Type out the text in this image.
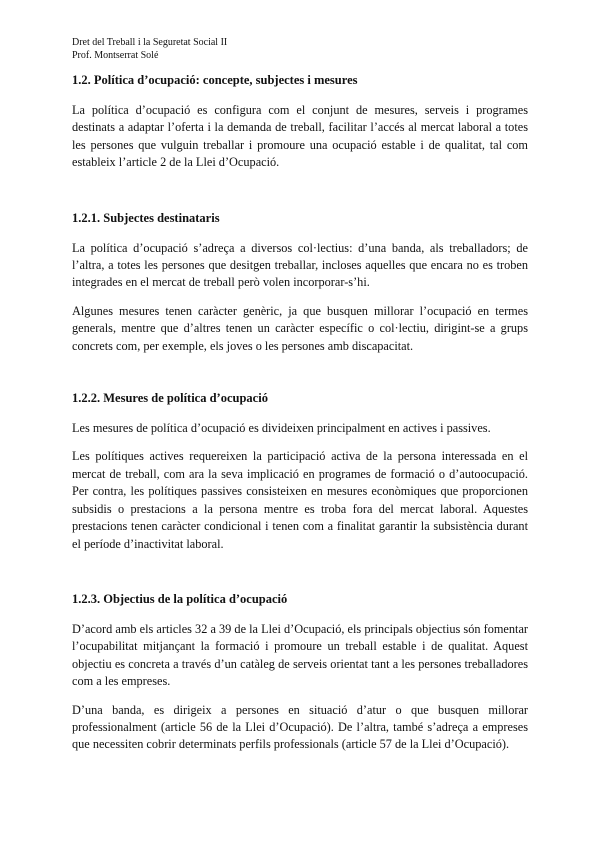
Dret del Treball i la Seguretat Social II

Prof. Montserrat Solé

1.2. Política d’ocupació: concepte, subjectes i mesures

La política d’ocupació es configura com el conjunt de mesures, serveis i programes destinats a adaptar l’oferta i la demanda de treball, facilitar l’accés al mercat laboral a totes les persones que vulguin treballar i promoure una ocupació estable i de qualitat, tal com estableix l’article 2 de la Llei d’Ocupació.

1.2.1. Subjectes destinataris

La política d’ocupació s’adreça a diversos col·lectius: d’una banda, als treballadors; de l’altra, a totes les persones que desitgen treballar, incloses aquelles que encara no es troben integrades en el mercat de treball però volen incorporar-s’hi.

Algunes mesures tenen caràcter genèric, ja que busquen millorar l’ocupació en termes generals, mentre que d’altres tenen un caràcter específic o col·lectiu, dirigint-se a grups concrets com, per exemple, els joves o les persones amb discapacitat.

1.2.2. Mesures de política d’ocupació

Les mesures de política d’ocupació es divideixen principalment en actives i passives.

Les polítiques actives requereixen la participació activa de la persona interessada en el mercat de treball, com ara la seva implicació en programes de formació o d’autoocupació. Per contra, les polítiques passives consisteixen en mesures econòmiques que proporcionen subsidis o prestacions a la persona mentre es troba fora del mercat laboral. Aquestes prestacions tenen caràcter condicional i tenen com a finalitat garantir la subsistència durant el període d’inactivitat laboral.

1.2.3. Objectius de la política d’ocupació

D’acord amb els articles 32 a 39 de la Llei d’Ocupació, els principals objectius són fomentar l’ocupabilitat mitjançant la formació i promoure un treball estable i de qualitat. Aquest objectiu es concreta a través d’un catàleg de serveis orientat tant a les persones treballadores com a les empreses.

D’una banda, es dirigeix a persones en situació d’atur o que busquen millorar professionalment (article 56 de la Llei d’Ocupació). De l’altra, també s’adreça a empreses que necessiten cobrir determinats perfils professionals (article 57 de la Llei d’Ocupació).
